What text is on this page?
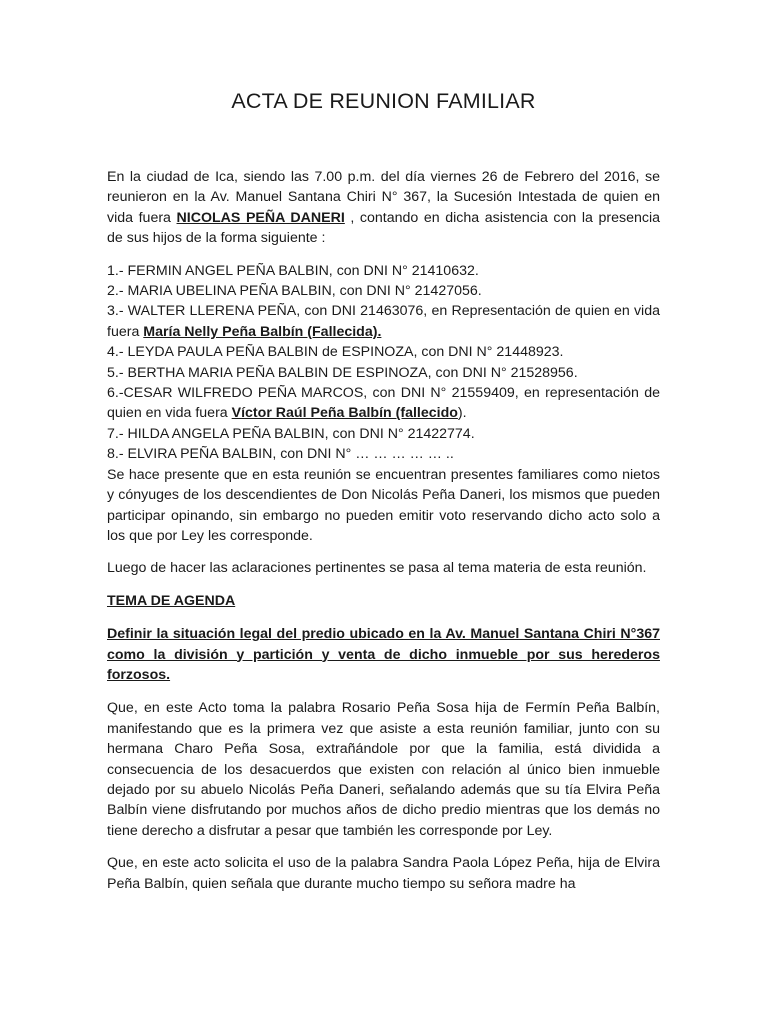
ACTA DE REUNION FAMILIAR

En la ciudad de Ica, siendo las 7.00 p.m. del día viernes 26 de Febrero del 2016, se reunieron en la Av. Manuel Santana Chiri N° 367, la Sucesión Intestada de quien en vida fuera NICOLAS PEÑA DANERI , contando en dicha asistencia con la presencia de sus hijos de la forma siguiente :

1.- FERMIN ANGEL PEÑA BALBIN, con DNI N° 21410632.

2.- MARIA UBELINA PEÑA BALBIN, con DNI N° 21427056.

3.- WALTER LLERENA PEÑA, con DNI 21463076, en Representación de quien en vida fuera María Nelly Peña Balbín (Fallecida).

4.- LEYDA PAULA PEÑA BALBIN de ESPINOZA, con DNI N° 21448923.

5.- BERTHA MARIA PEÑA BALBIN DE ESPINOZA, con DNI N° 21528956.

6.-CESAR WILFREDO PEÑA MARCOS, con DNI N° 21559409, en representación de quien en vida fuera Víctor Raúl Peña Balbín (fallecido).

7.- HILDA ANGELA PEÑA BALBIN, con DNI N° 21422774.

8.- ELVIRA PEÑA BALBIN, con DNI N° … … … … … ..

Se hace presente que en esta reunión se encuentran presentes familiares como nietos y cónyuges de los descendientes de Don Nicolás Peña Daneri, los mismos que pueden participar opinando, sin embargo no pueden emitir voto reservando dicho acto solo a los que por Ley les corresponde.

Luego de hacer las aclaraciones pertinentes se pasa al tema materia de esta reunión.

TEMA DE AGENDA

Definir la situación legal del predio ubicado en la Av. Manuel Santana Chiri N°367 como la división y partición y venta de dicho inmueble por sus herederos forzosos.

Que, en este Acto toma la palabra Rosario Peña Sosa hija de Fermín Peña Balbín, manifestando que es la primera vez que asiste a esta reunión familiar, junto con su hermana Charo Peña Sosa, extrañándole por que la familia, está dividida a consecuencia de los desacuerdos que existen con relación al único bien inmueble dejado por su abuelo Nicolás Peña Daneri, señalando además que su tía Elvira Peña Balbín viene disfrutando por muchos años de dicho predio mientras que los demás no tiene derecho a disfrutar a pesar que también les corresponde por Ley.

Que, en este acto solicita el uso de la palabra Sandra Paola López Peña, hija de Elvira Peña Balbín, quien señala que durante mucho tiempo su señora madre ha
